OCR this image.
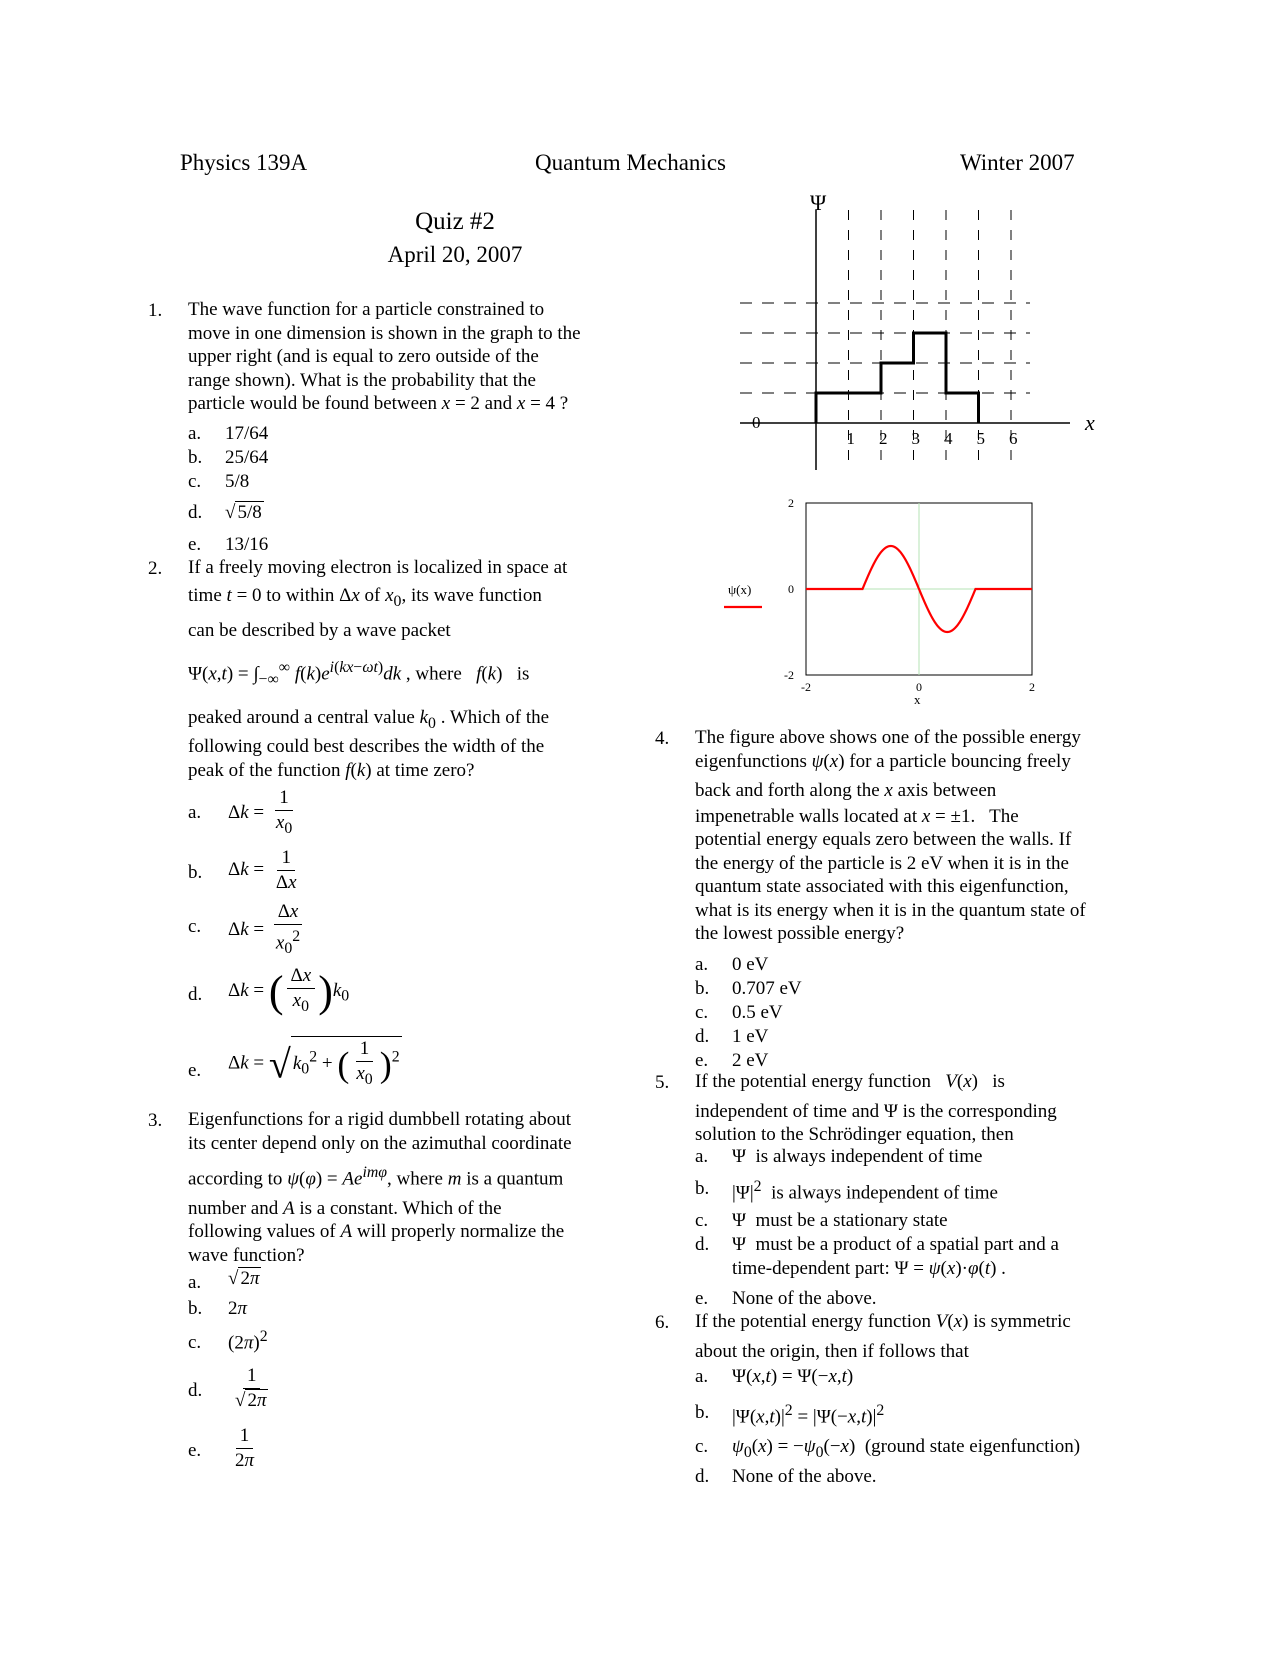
Physics 139A	Quantum Mechanics	Winter 2007
Quiz #2
April 20, 2007
1.	The wave function for a particle constrained to
move in one dimension is shown in the graph to the
upper right (and is equal to zero outside of the
range shown). What is the probability that the
particle would be found between x = 2 and x = 4 ?
a.	17/64
b.	25/64
c.	5/8
d.	√ 5/8
e.	13/16
2.	If a freely moving electron is localized in space at
time t = 0 to within Δx of $x_0$, its wave function
can be described by a wave packet
$\Psi(x,t) = \int_{-\infty}^\infty$ $f(k)e^{i(kx-\omega t)}dk$ , where f(k)   is
peaked around a central value $k_0$ . Which of the
following could best describes the width of the
peak of the function f(k) at time zero?
a. $\Delta k = \frac{1}{x_0}$
b. $\Delta k = \frac{1}{\Delta x}$
c. $\Delta k = \frac{\Delta x}{x_0^2}$
d. Δk = ( $\frac{\Delta x}{x_0} )k_0$
e. Δk = √ $k_0^2$ + ( $\frac{1}{x_0} )^2$
3.	Eigenfunctions for a rigid dumbbell rotating about
its center depend only on the azimuthal coordinate
according to $\psi(\varphi) = Ae^{im\varphi}$, where m is a quantum
number and A is a constant. Which of the
following values of A will properly normalize the
wave function?
a. √ 2π
b. 2π
c. $(2\pi)^2$
d. $\frac{1}{√ 2\pi}$
e. $\frac{1}{2\pi}$
Ψ
x
0
1 2 3 4 5 6
-2
0
2
-2	0	2
ψ(x)
x
4.	The figure above shows one of the possible energy
eigenfunctions ψ(x) for a particle bouncing freely
back and forth along the x axis between
impenetrable walls located at x = ±1.   The
potential energy equals zero between the walls. If
the energy of the particle is 2 eV when it is in the
quantum state associated with this eigenfunction,
what is its energy when it is in the quantum state of
the lowest possible energy?
a. 0 eV
b. 0.707 eV
c. 0.5 eV
d. 1 eV
e. 2 eV
5.	If the potential energy function V(x)   is
independent of time and Ψ is the corresponding
solution to the Schrödinger equation, then
a. Ψ  is always independent of time
b. $|\Psi|^2$ is always independent of time
c. Ψ  must be a stationary state
d. Ψ  must be a product of a spatial part and a
time-dependent part: Ψ = ψ(x)·φ(t) .
e. None of the above.
6.	If the potential energy function V(x) is symmetric
about the origin, then if follows that
a. Ψ(x,t) = Ψ(−x,t)
b. $|\Psi(x,t)|^2 = |\Psi(-x,t)|^2$
c. $\psi_0(x) = -\psi_0(-x)$  (ground state eigenfunction)
d. None of the above.
